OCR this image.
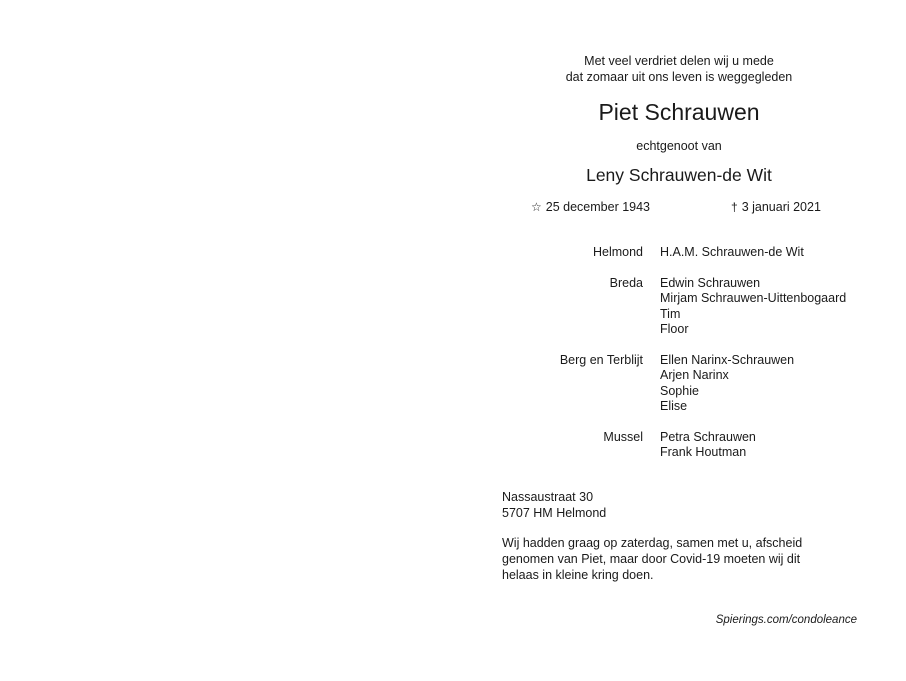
Met veel verdriet delen wij u mede
dat zomaar uit ons leven is weggegleden
Piet Schrauwen
echtgenoot van
Leny Schrauwen-de Wit
☆ 25 december 1943	† 3 januari 2021
Helmond	H.A.M. Schrauwen-de Wit
Breda	Edwin Schrauwen
Mirjam Schrauwen-Uittenbogaard
Tim
Floor
Berg en Terblijt	Ellen Narinx-Schrauwen
Arjen Narinx
Sophie
Elise
Mussel	Petra Schrauwen
Frank Houtman
Nassaustraat 30
5707 HM Helmond
Wij hadden graag op zaterdag, samen met u, afscheid
genomen van Piet, maar door Covid-19 moeten wij dit
helaas in kleine kring doen.
Spierings.com/condoleance
